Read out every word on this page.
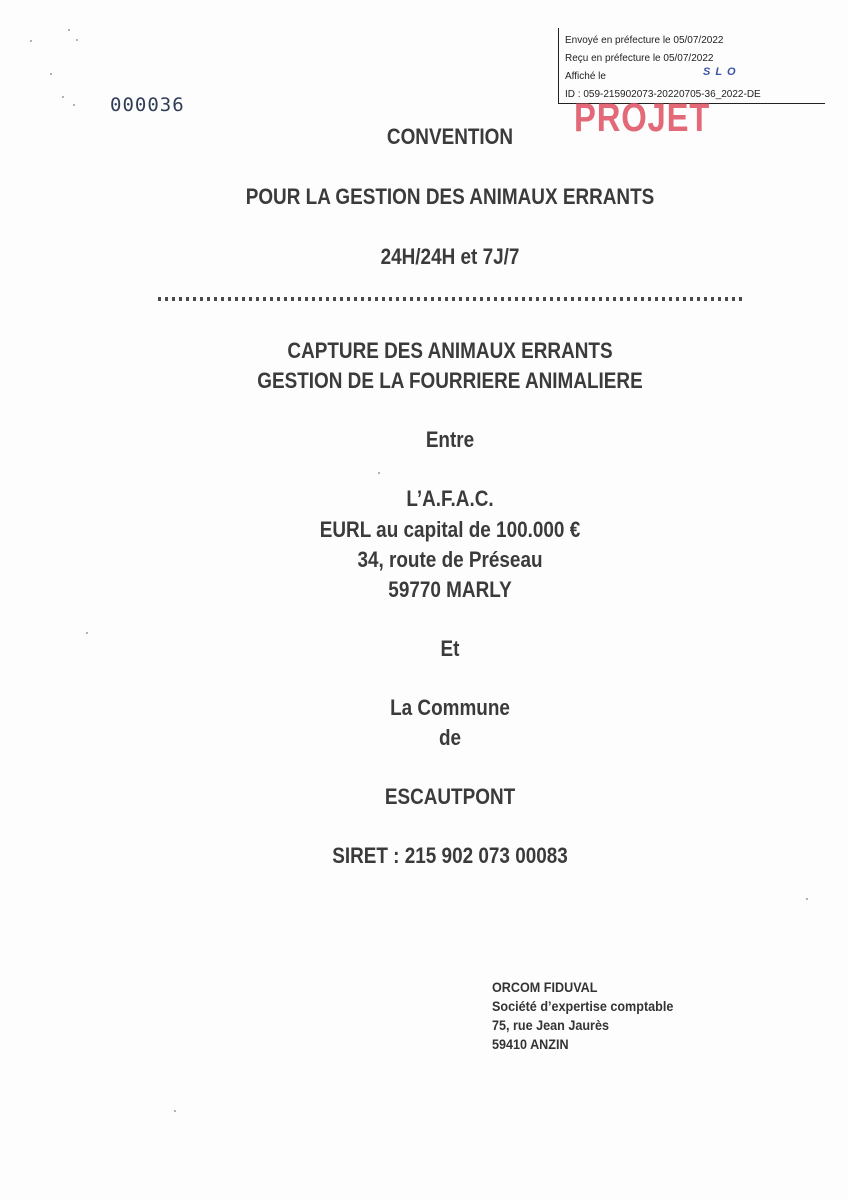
Envoyé en préfecture le 05/07/2022
Reçu en préfecture le 05/07/2022
Affiché le	SLO
ID : 059-215902073-20220705-36_2022-DE
000036	PROJET
CONVENTION
POUR LA GESTION DES ANIMAUX ERRANTS
24H/24H et 7J/7
CAPTURE DES ANIMAUX ERRANTS
GESTION DE LA FOURRIERE ANIMALIERE
Entre
L’A.F.A.C.
EURL au capital de 100.000 €
34, route de Préseau
59770 MARLY
Et
La Commune
de
ESCAUTPONT
SIRET : 215 902 073 00083
ORCOM FIDUVAL
Société d’expertise comptable
75, rue Jean Jaurès
59410 ANZIN
